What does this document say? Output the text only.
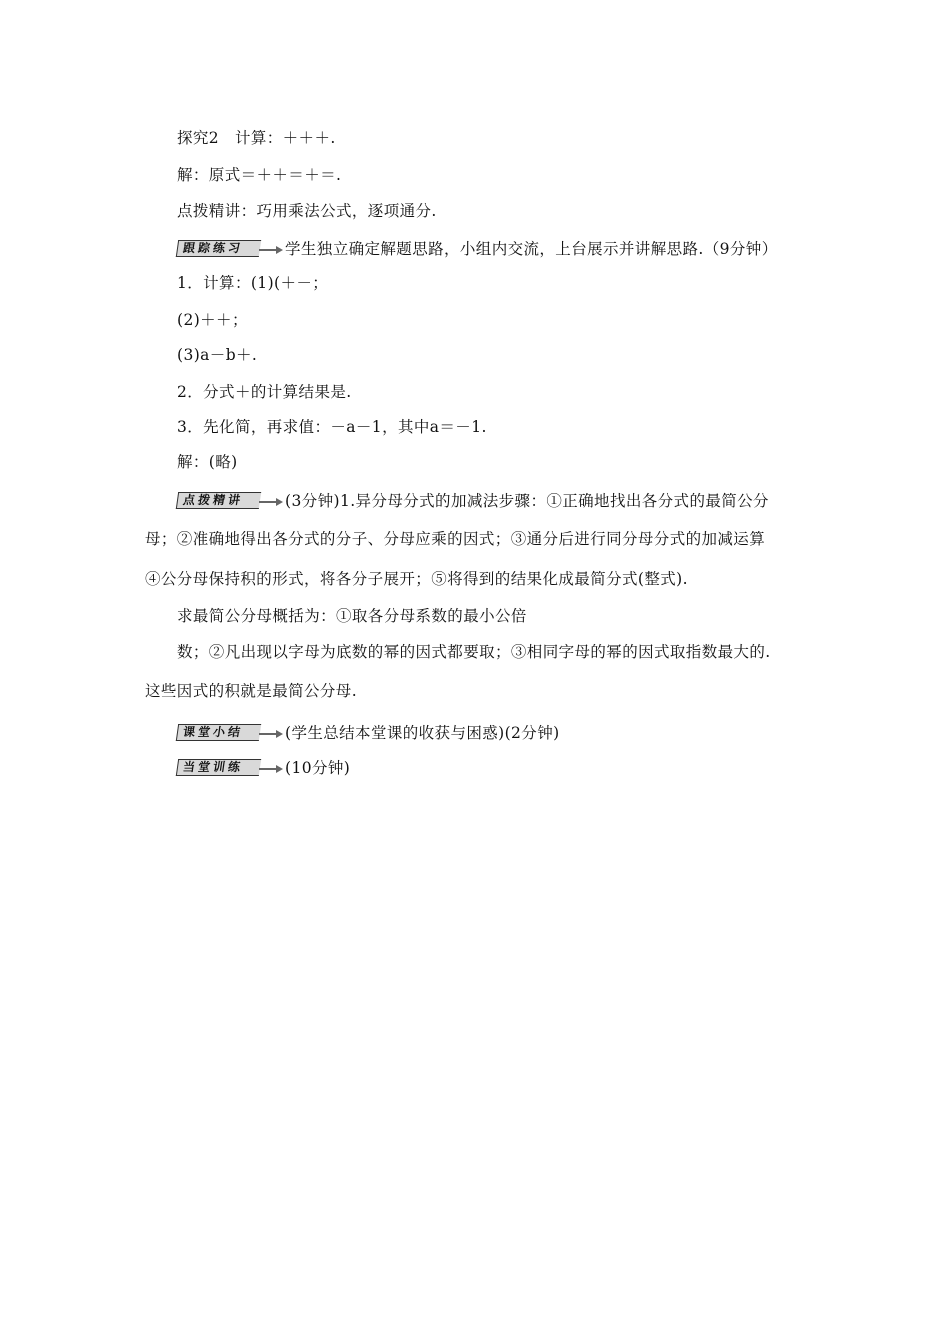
探究2　计算：＋＋＋.
解：原式＝＋＋＝＋＝.
点拨精讲：巧用乘法公式，逐项通分.
跟踪练习	学生独立确定解题思路，小组内交流，上台展示并讲解思路.（9分钟）
1．计算：(1)(＋－；
(2)＋＋；
(3)a－b＋.
2．分式＋的计算结果是.
3．先化简，再求值：－a－1，其中a＝－1.
解：(略)
点拨精讲	(3分钟)1.异分母分式的加减法步骤：①正确地找出各分式的最简公分
母；②准确地得出各分式的分子、分母应乘的因式；③通分后进行同分母分式的加减运算
④公分母保持积的形式，将各分子展开；⑤将得到的结果化成最简分式(整式).
求最简公分母概括为：①取各分母系数的最小公倍
数；②凡出现以字母为底数的幂的因式都要取；③相同字母的幂的因式取指数最大的.
这些因式的积就是最简公分母.
课堂小结	(学生总结本堂课的收获与困惑)(2分钟)
当堂训练	(10分钟)
